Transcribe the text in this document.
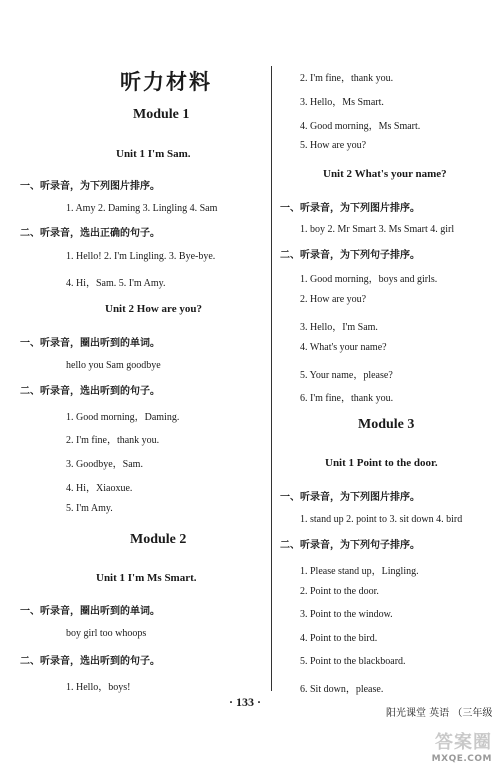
听力材料
Module 1
Unit 1 I'm Sam.
一、听录音，为下列图片排序。
1. Amy 2. Daming 3. Lingling 4. Sam
二、听录音，选出正确的句子。
1. Hello! 2. I'm Lingling. 3. Bye-bye.
4. Hi，Sam. 5. I'm Amy.
Unit 2 How are you?
一、听录音，圈出听到的单词。
hello you Sam goodbye
二、听录音，选出听到的句子。
1. Good morning，Daming.
2. I'm fine，thank you.
3. Goodbye，Sam.
4. Hi，Xiaoxue.
5. I'm Amy.
Module 2
Unit 1 I'm Ms Smart.
一、听录音，圈出听到的单词。
boy girl too whoops
二、听录音，选出听到的句子。
1. Hello，boys!
2. I'm fine，thank you.
3. Hello，Ms Smart.
4. Good morning，Ms Smart.
5. How are you?
Unit 2 What's your name?
一、听录音，为下列图片排序。
1. boy 2. Mr Smart 3. Ms Smart 4. girl
二、听录音，为下列句子排序。
1. Good morning，boys and girls.
2. How are you?
3. Hello，I'm Sam.
4. What's your name?
5. Your name，please?
6. I'm fine，thank you.
Module 3
Unit 1 Point to the door.
一、听录音，为下列图片排序。
1. stand up 2. point to 3. sit down 4. bird
二、听录音，为下列句子排序。
1. Please stand up，Lingling.
2. Point to the door.
3. Point to the window.
4. Point to the bird.
5. Point to the blackboard.
6. Sit down，please.
· 133 ·
阳光课堂 英语 （三年级
答案圈
MXQE.COM
